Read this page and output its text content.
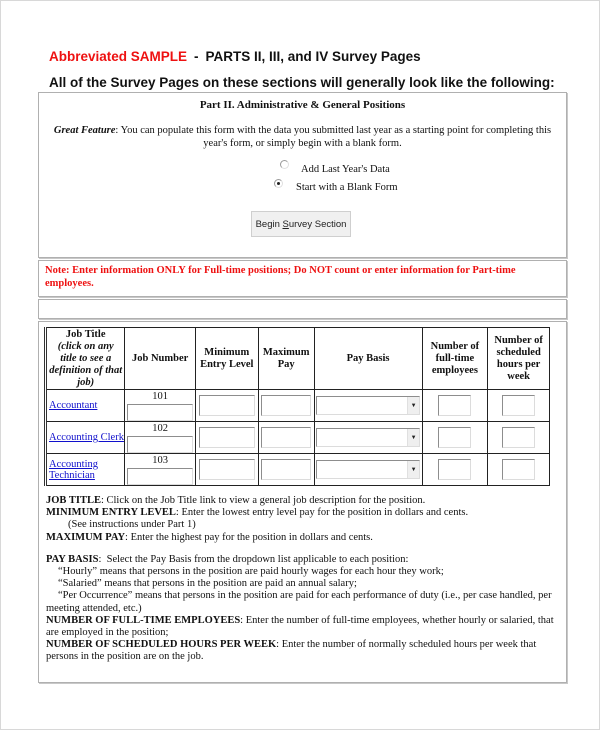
Abbreviated SAMPLE - PARTS II, III, and IV Survey Pages
All of the Survey Pages on these sections will generally look like the following:
Part II. Administrative & General Positions
Great Feature: You can populate this form with the data you submitted last year as a starting point for completing this year's form, or simply begin with a blank form.
Add Last Year's Data
Start with a Blank Form
Begin S urvey Section
Note: Enter information ONLY for Full-time positions; Do NOT count or enter information for Part-time employees.
Job Title
(click on any title to see a definition of that job)	Job Number	Minimum Entry Level	Maximum Pay	Pay Basis	Number of full-time employees	Number of scheduled hours per week

Accountant	101			▼		

Accounting Clerk	102			▼		

Accounting Technician	103			▼		

JOB TITLE: Click on the Job Title link to view a general job description for the position.
MINIMUM ENTRY LEVEL: Enter the lowest entry level pay for the position in dollars and cents.
(See instructions under Part 1)
MAXIMUM PAY: Enter the highest pay for the position in dollars and cents.
PAY BASIS:  Select the Pay Basis from the dropdown list applicable to each position:
“Hourly” means that persons in the position are paid hourly wages for each hour they work;
“Salaried” means that persons in the position are paid an annual salary;
“Per Occurrence” means that persons in the position are paid for each performance of duty (i.e., per case handled, per meeting attended, etc.)
NUMBER OF FULL-TIME EMPLOYEES: Enter the number of full-time employees, whether hourly or salaried, that are employed in the position;
NUMBER OF SCHEDULED HOURS PER WEEK: Enter the number of normally scheduled hours per week that persons in the position are on the job.
